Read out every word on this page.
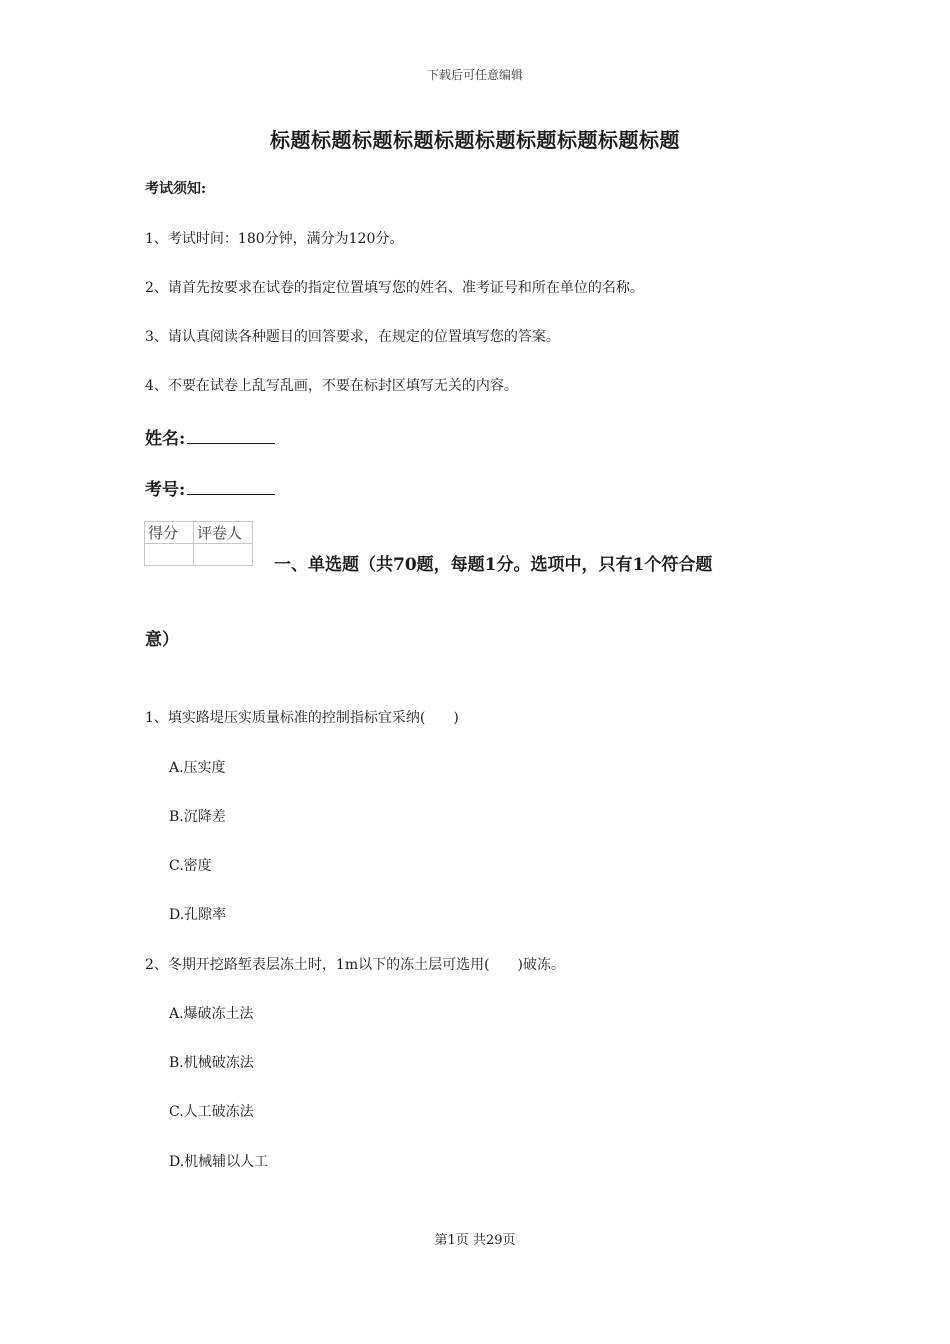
下载后可任意编辑
标题标题标题标题标题标题标题标题标题标题
考试须知:
1、考试时间：180分钟，满分为120分。
2、请首先按要求在试卷的指定位置填写您的姓名、准考证号和所在单位的名称。
3、请认真阅读各种题目的回答要求，在规定的位置填写您的答案。
4、不要在试卷上乱写乱画，不要在标封区填写无关的内容。
姓名:
考号:
得分	评卷人

一、单选题（共70题，每题1分。选项中，只有1个符合题
意）
1、填实路堤压实质量标准的控制指标宜采纳(　　)
A.压实度
B.沉降差
C.密度
D.孔隙率
2、冬期开挖路堑表层冻土时，1m以下的冻土层可选用(　　)破冻。
A.爆破冻土法
B.机械破冻法
C.人工破冻法
D.机械辅以人工
第1页 共29页
